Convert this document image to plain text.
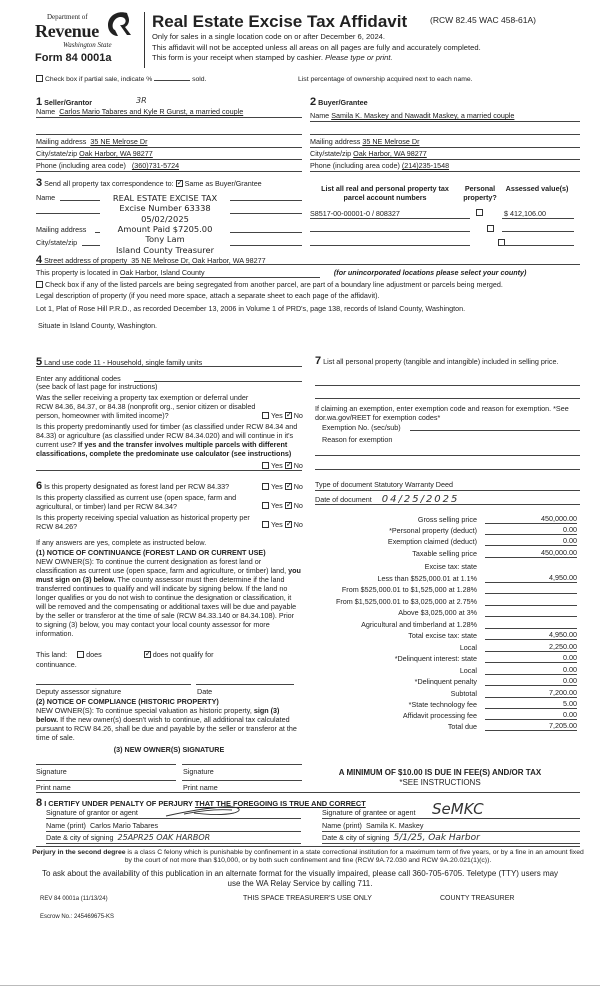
Department of
Revenue
Washington State
Form 84 0001a
Real Estate Excise Tax Affidavit	(RCW 82.45 WAC 458-61A)
Only for sales in a single location code on or after December 6, 2024.
This affidavit will not be accepted unless all areas on all pages are fully and accurately completed.
This form is your receipt when stamped by cashier. Please type or print.
Check box if partial sale, indicate %	sold.	List percentage of ownership acquired next to each name.
1 Seller/Grantor	3R
Name Carlos Mario Tabares and Kyle R Gunst, a married couple
Mailing address 35 NE Melrose Dr
City/state/zip Oak Harbor, WA 98277
Phone (including area code) (360)731-5724
2 Buyer/Grantee
Name Samila K. Maskey and Nawadit Maskey, a married couple
Mailing address 35 NE Melrose Dr
City/state/zip Oak Harbor, WA 98277
Phone (including area code) (214)235-1548
3 Send all property tax correspondence to: ✓ Same as Buyer/Grantee
Name
Mailing address
City/state/zip
REAL ESTATE EXCISE TAX
Excise Number 63338
05/02/2025
Amount Paid $7205.00
Tony Lam
Island County Treasurer
List all real and personal property tax parcel account numbers
Personal property?
Assessed value(s)
S8517-00-00001-0 / 808327
	$ 412,106.00

4 Street address of property 35 NE Melrose Dr, Oak Harbor, WA 98277
This property is located in Oak Harbor, Island County	(for unincorporated locations please select your county)
Check box if any of the listed parcels are being segregated from another parcel, are part of a boundary line adjustment or parcels being merged.
Legal description of property (if you need more space, attach a separate sheet to each page of the affidavit).
Lot 1, Plat of Rose Hill P.R.D., as recorded December 13, 2006 in Volume 1 of PRD's, page 138, records of Island County, Washington.
Situate in Island County, Washington.
5 Land use code 11 - Household, single family units
Enter any additional codes
(see back of last page for instructions)
Was the seller receiving a property tax exemption or deferral under RCW 84.36, 84.37, or 84.38 (nonprofit org., senior citizen or disabled person, homeowner with limited income)?	Yes ✓ No
Is this property predominantly used for timber (as classified under RCW 84.34 and 84.33) or agriculture (as classified under RCW 84.34.020) and will continue in it's current use? If yes and the transfer involves multiple parcels with different classifications, complete the predominate use calculator (see instructions)
Yes ✓ No
7 List all personal property (tangible and intangible) included in selling price.
If claiming an exemption, enter exemption code and reason for exemption. *See dor.wa.gov/REET for exemption codes*
Exemption No. (sec/sub)
Reason for exemption
6 Is this property designated as forest land per RCW 84.33?	Yes ✓ No
Is this property classified as current use (open space, farm and agricultural, or timber) land per RCW 84.34?	Yes ✓ No
Is this property receiving special valuation as historical property per RCW 84.26?	Yes ✓ No
If any answers are yes, complete as instructed below.
(1) NOTICE OF CONTINUANCE (FOREST LAND OR CURRENT USE)
NEW OWNER(S): To continue the current designation as forest land or classification as current use (open space, farm and agriculture, or timber) land, you must sign on (3) below. The county assessor must then determine if the land transferred continues to qualify and will indicate by signing below. If the land no longer qualifies or you do not wish to continue the designation or classification, it will be removed and the compensating or additional taxes will be due and payable by the seller or transferor at the time of sale (RCW 84.33.140 or 84.34.108). Prior to signing (3) below, you may contact your local county assessor for more information.
This land:	does ✓	does not qualify for
continuance.
Deputy assessor signature	Date
(2) NOTICE OF COMPLIANCE (HISTORIC PROPERTY)
NEW OWNER(S): To continue special valuation as historic property, sign (3) below. If the new owner(s) doesn't wish to continue, all additional tax calculated pursuant to RCW 84.26, shall be due and payable by the seller or transferor at the time of sale.
(3) NEW OWNER(S) SIGNATURE
Signature	Signature
Print name	Print name
Type of document Statutory Warranty Deed
Date of document 04/25/2025
Gross selling price	450,000.00
*Personal property (deduct)	0.00
Exemption claimed (deduct)	0.00
Taxable selling price	450,000.00
Excise tax: state
Less than $525,000.01 at 1.1%	4,950.00
From $525,000.01 to $1,525,000 at 1.28%
From $1,525,000.01 to $3,025,000 at 2.75%
Above $3,025,000 at 3%
Agricultural and timberland at 1.28%
Total excise tax: state	4,950.00
Local	2,250.00
*Delinquent interest: state	0.00
Local	0.00
*Delinquent penalty	0.00
Subtotal	7,200.00
*State technology fee	5.00
Affidavit processing fee	0.00
Total due	7,205.00
A MINIMUM OF $10.00 IS DUE IN FEE(S) AND/OR TAX
*SEE INSTRUCTIONS
8 I CERTIFY UNDER PENALTY OF PERJURY THAT THE FOREGOING IS TRUE AND CORRECT
Signature of grantor or agent
Name (print) Carlos Mario Tabares
Date & city of signing 25APR25 OAK HARBOR
Signature of grantee or agent SeMKC
Name (print) Samila K. Maskey
Date & city of signing 5/1/25, Oak Harbor
Perjury in the second degree is a class C felony which is punishable by confinement in a state correctional institution for a maximum term of five years, or by a fine in an amount fixed by the court of not more than $10,000, or by both such confinement and fine (RCW 9A.72.030 and RCW 9A.20.021(1)(c)).
To ask about the availability of this publication in an alternate format for the visually impaired, please call 360-705-6705. Teletype (TTY) users may use the WA Relay Service by calling 711.
REV 84 0001a (11/13/24)	THIS SPACE TREASURER'S USE ONLY	COUNTY TREASURER
Escrow No.: 245469675-KS
